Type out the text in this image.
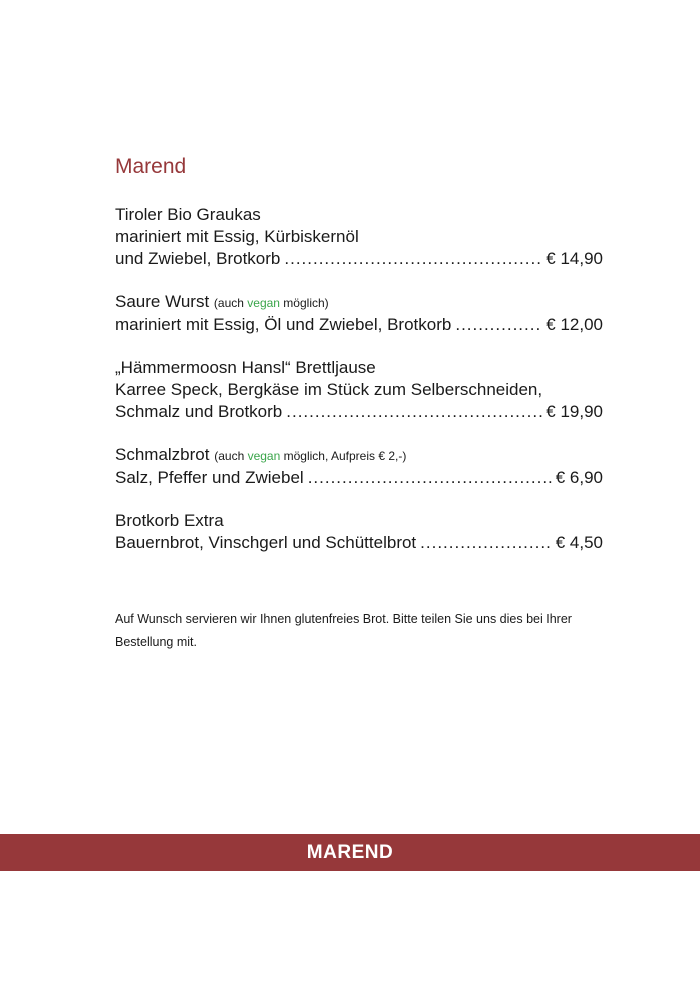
Marend
Tiroler Bio Graukas
mariniert mit Essig, Kürbiskernöl
und Zwiebel, Brotkorb .....	€ 14,90
Saure Wurst (auch vegan möglich)
mariniert mit Essig, Öl und Zwiebel, Brotkorb .....	€ 12,00
„Hämmermoosn Hansl“ Brettljause
Karree Speck, Bergkäse im Stück zum Selberschneiden,
Schmalz und Brotkorb .....	€ 19,90
Schmalzbrot (auch vegan möglich, Aufpreis € 2,-)
Salz, Pfeffer und Zwiebel .....	€ 6,90
Brotkorb Extra
Bauernbrot, Vinschgerl und Schüttelbrot .....	€ 4,50
Auf Wunsch servieren wir Ihnen glutenfreies Brot. Bitte teilen Sie uns dies bei Ihrer Bestellung mit.
MAREND
